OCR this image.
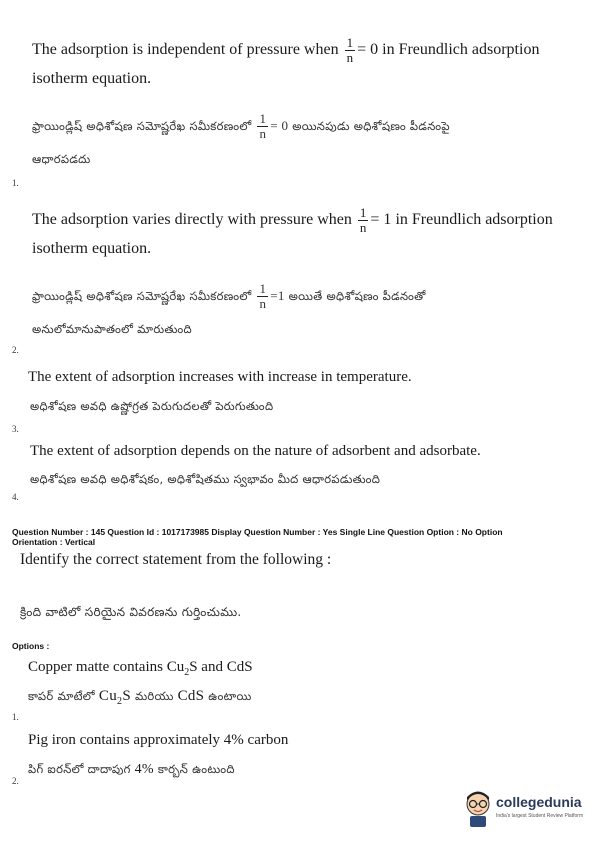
The adsorption is independent of pressure when $\frac{1}{n} = 0$ in Freundlich adsorption
isotherm equation.
ఫ్రాయిండ్లిష్ అధిశోషణ సమోష్ణరేఖ సమీకరణంలో $\frac{1}{n} = 0$ అయినపుడు అధిశోషణం పీడనంపై
ఆధారపడదు
1.
The adsorption varies directly with pressure when $\frac{1}{n} = 1$ in Freundlich adsorption
isotherm equation.
ఫ్రాయిండ్లిష్ అధిశోషణ సమోష్ణరేఖ సమీకరణంలో $\frac{1}{n} =1$ అయితే అధిశోషణం పీడనంతో
అనులోమానుపాతంలో మారుతుంది
2.
The extent of adsorption increases with increase in temperature.
అధిశోషణ అవధి ఉష్ణోగ్రత పెరుగుదలతో పెరుగుతుంది
3.
The extent of adsorption depends on the nature of adsorbent and adsorbate.
అధిశోషణ అవధి అధిశోషకం, అధిశోషితము స్వభావం మీద ఆధారపడుతుంది
4.
Question Number : 145 Question Id : 1017173985 Display Question Number : Yes Single Line Question Option : No Option
Orientation : Vertical
Identify the correct statement from the following :
క్రింది వాటిలో సరియైన వివరణను గుర్తించుము.
Options :
Copper matte contains $Cu_2S$ and CdS
కాపర్ మాటేలో $Cu_2S$ మరియు CdS ఉంటాయి
1.
Pig iron contains approximately 4% carbon
పిగ్ ఐరన్‌లో దాదాపుగ 4% కార్బన్ ఉంటుంది
2.
collegedunia
India's largest Student Review Platform
